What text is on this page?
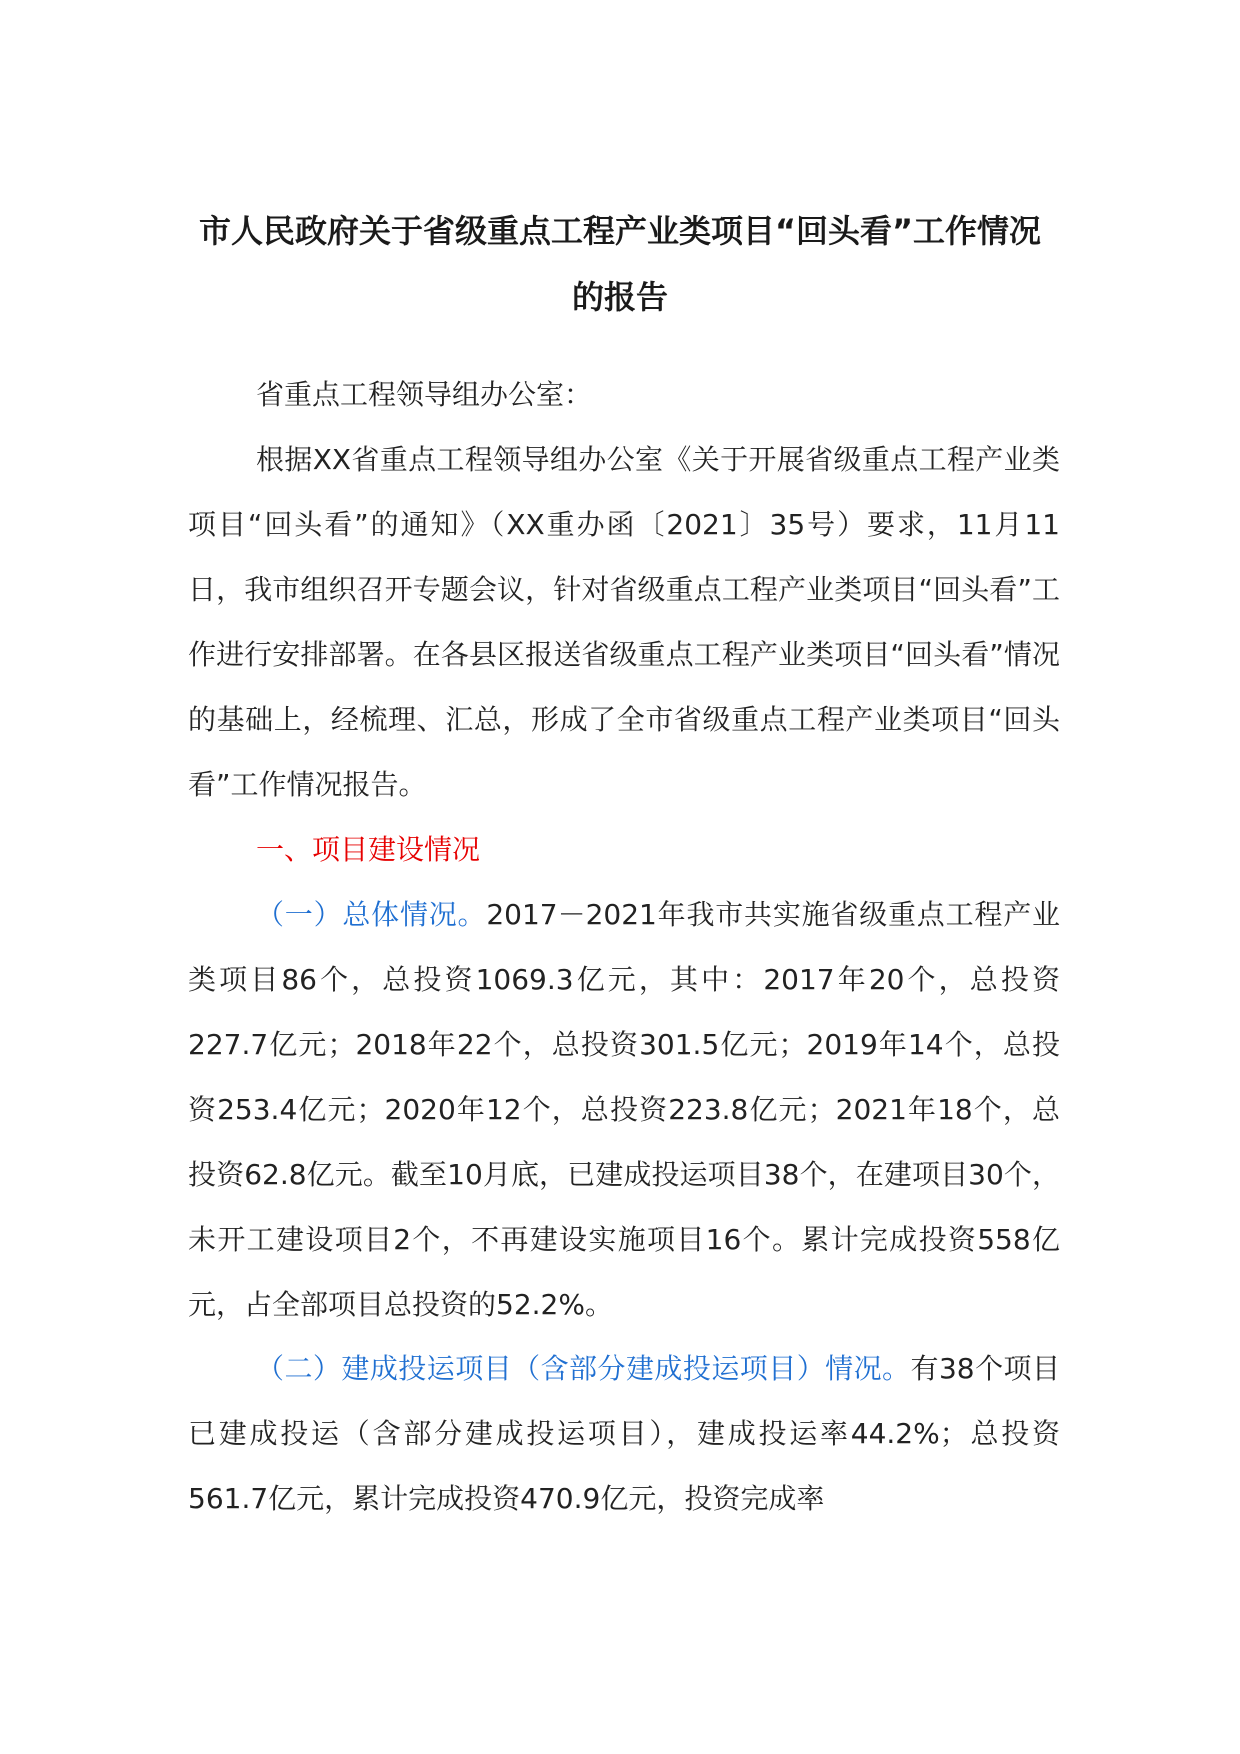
市人民政府关于省级重点工程产业类项目“回头看”工作情况的报告
省重点工程领导组办公室：
根据XX省重点工程领导组办公室《关于开展省级重点工程产业类项目“回头看”的通知》（XX重办函〔2021〕35号）要求，11月11日，我市组织召开专题会议，针对省级重点工程产业类项目“回头看”工作进行安排部署。在各县区报送省级重点工程产业类项目“回头看”情况的基础上，经梳理、汇总，形成了全市省级重点工程产业类项目“回头看”工作情况报告。
一、项目建设情况
（一）总体情况。2017－2021年我市共实施省级重点工程产业类项目86个，总投资1069.3亿元，其中：2017年20个，总投资227.7亿元；2018年22个，总投资301.5亿元；2019年14个，总投资253.4亿元；2020年12个，总投资223.8亿元；2021年18个，总投资62.8亿元。截至10月底，已建成投运项目38个，在建项目30个，未开工建设项目2个，不再建设实施项目16个。累计完成投资558亿元，占全部项目总投资的52.2%。
（二）建成投运项目（含部分建成投运项目）情况。有38个项目已建成投运（含部分建成投运项目），建成投运率44.2%；总投资561.7亿元，累计完成投资470.9亿元，投资完成率
